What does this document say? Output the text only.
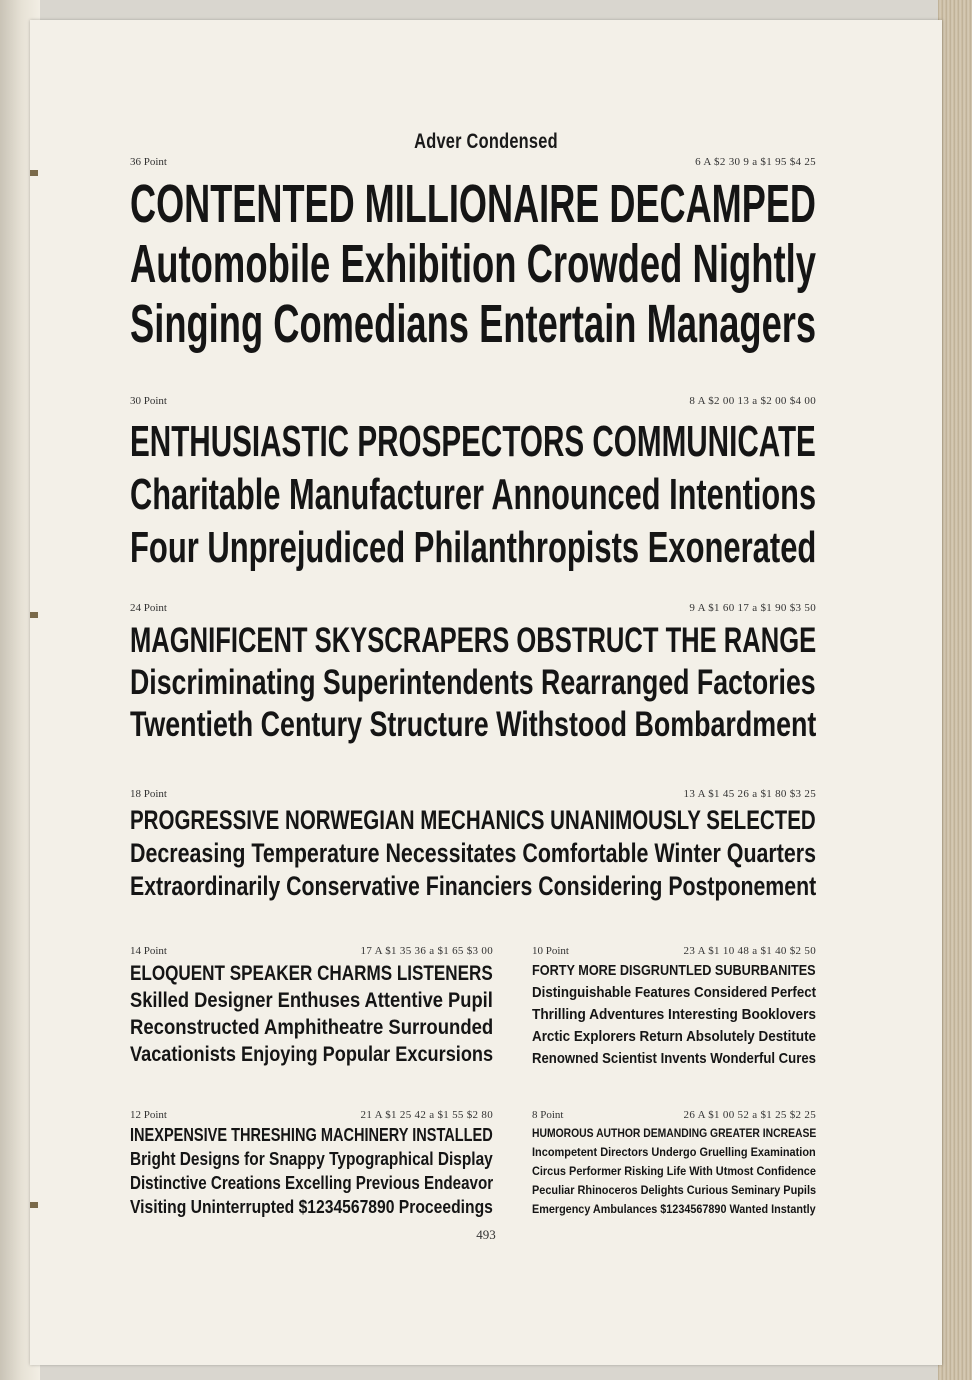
Adver Condensed
36 Point	6 A $2 30 9 a $1 95 $4 25
CONTENTED MILLIONAIRE DECAMPED
Automobile Exhibition Crowded Nightly
Singing Comedians Entertain Managers
30 Point	8 A $2 00 13 a $2 00 $4 00
ENTHUSIASTIC PROSPECTORS COMMUNICATE
Charitable Manufacturer Announced Intentions
Four Unprejudiced Philanthropists Exonerated
24 Point	9 A $1 60 17 a $1 90 $3 50
MAGNIFICENT SKYSCRAPERS OBSTRUCT THE RANGE
Discriminating Superintendents Rearranged Factories
Twentieth Century Structure Withstood Bombardment
18 Point	13 A $1 45 26 a $1 80 $3 25
PROGRESSIVE NORWEGIAN MECHANICS UNANIMOUSLY SELECTED
Decreasing Temperature Necessitates Comfortable Winter Quarters
Extraordinarily Conservative Financiers Considering Postponement
14 Point	17 A $1 35 36 a $1 65 $3 00
ELOQUENT SPEAKER CHARMS LISTENERS
Skilled Designer Enthuses Attentive Pupil
Reconstructed Amphitheatre Surrounded
Vacationists Enjoying Popular Excursions
10 Point	23 A $1 10 48 a $1 40 $2 50
FORTY MORE DISGRUNTLED SUBURBANITES
Distinguishable Features Considered Perfect
Thrilling Adventures Interesting Booklovers
Arctic Explorers Return Absolutely Destitute
Renowned Scientist Invents Wonderful Cures
12 Point	21 A $1 25 42 a $1 55 $2 80
INEXPENSIVE THRESHING MACHINERY INSTALLED
Bright Designs for Snappy Typographical Display
Distinctive Creations Excelling Previous Endeavor
Visiting Uninterrupted $1234567890 Proceedings
8 Point	26 A $1 00 52 a $1 25 $2 25
HUMOROUS AUTHOR DEMANDING GREATER INCREASE
Incompetent Directors Undergo Gruelling Examination
Circus Performer Risking Life With Utmost Confidence
Peculiar Rhinoceros Delights Curious Seminary Pupils
Emergency Ambulances $1234567890 Wanted Instantly
493
